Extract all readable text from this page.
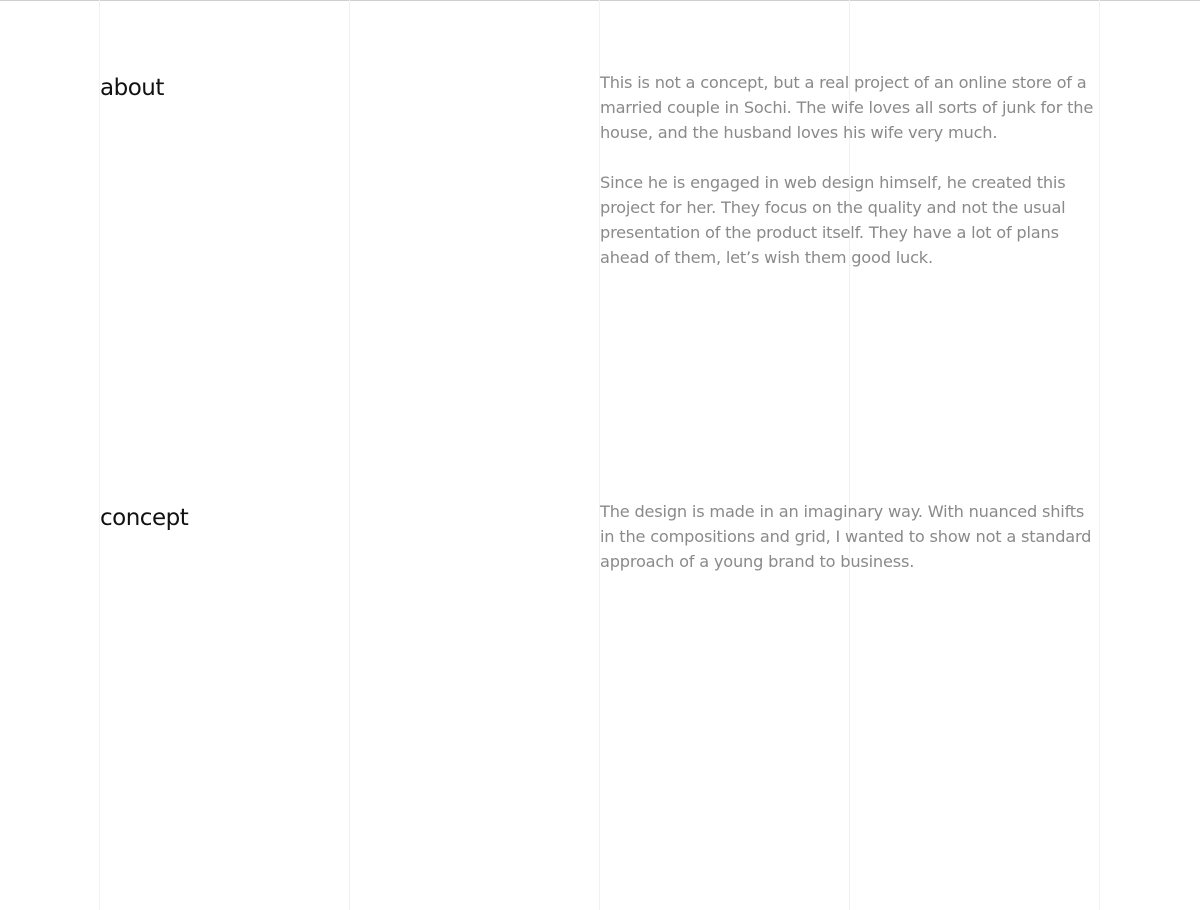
about	This is not a concept, but a real project of an online store of a married couple in Sochi. The wife loves all sorts of junk for the house, and the husband loves his wife very much.

Since he is engaged in web design himself, he created this project for her. They focus on the quality and not the usual presentation of the product itself. They have a lot of plans ahead of them, let’s wish them good luck.

concept	The design is made in an imaginary way. With nuanced shifts in the compositions and grid, I wanted to show not a standard approach of a young brand to business.
